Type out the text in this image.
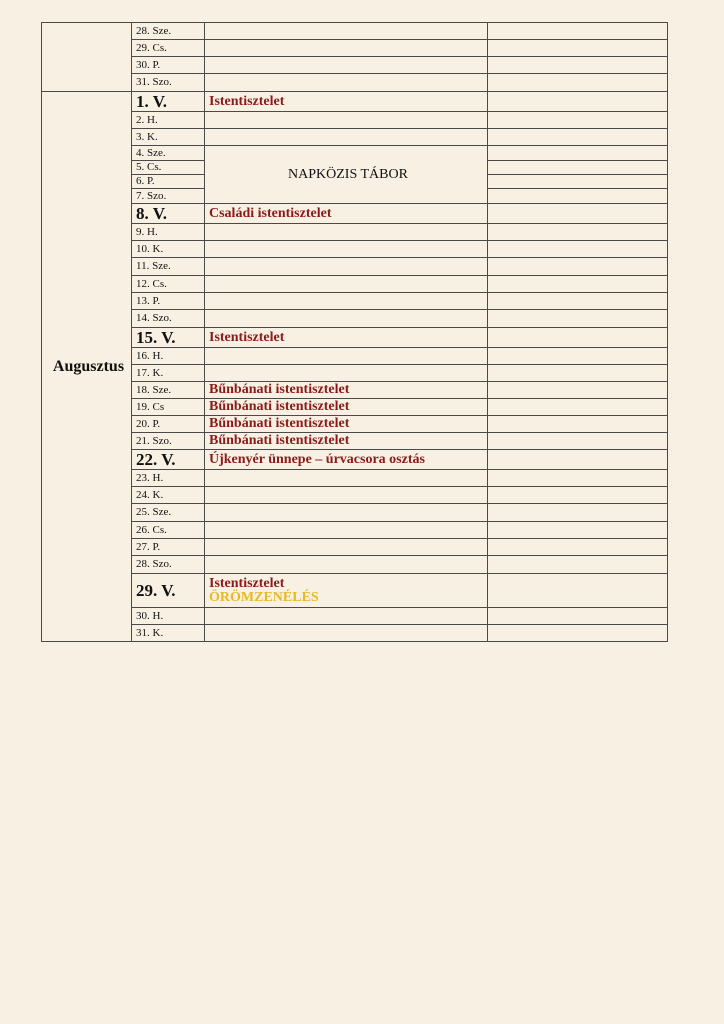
	28. Sze.		
	29. Cs.		
	30. P.		
	31. Szo.		
Augusztus	1. V.	Istentisztelet	
	2. H.		
	3. K.		
	4. Sze.	NAPKÖZIS TÁBOR	
	5. Cs.		
	6. P.		
	7. Szo.		
	8. V.	Családi istentisztelet	
	9. H.		
	10. K.		
	11. Sze.		
	12. Cs.		
	13. P.		
	14. Szo.		
	15. V.	Istentisztelet	
	16. H.		
	17. K.		
	18. Sze.	Bűnbánati istentisztelet	
	19. Cs	Bűnbánati istentisztelet	
	20. P.	Bűnbánati istentisztelet	
	21. Szo.	Bűnbánati istentisztelet	
	22. V.	Újkenyér ünnepe – úrvacsora osztás	
	23. H.		
	24. K.		
	25. Sze.		
	26. Cs.		
	27. P.		
	28. Szo.		
	29. V.	Istentisztelet
ÖRÖMZENÉLÉS	

	30. H.		
	31. K.		
